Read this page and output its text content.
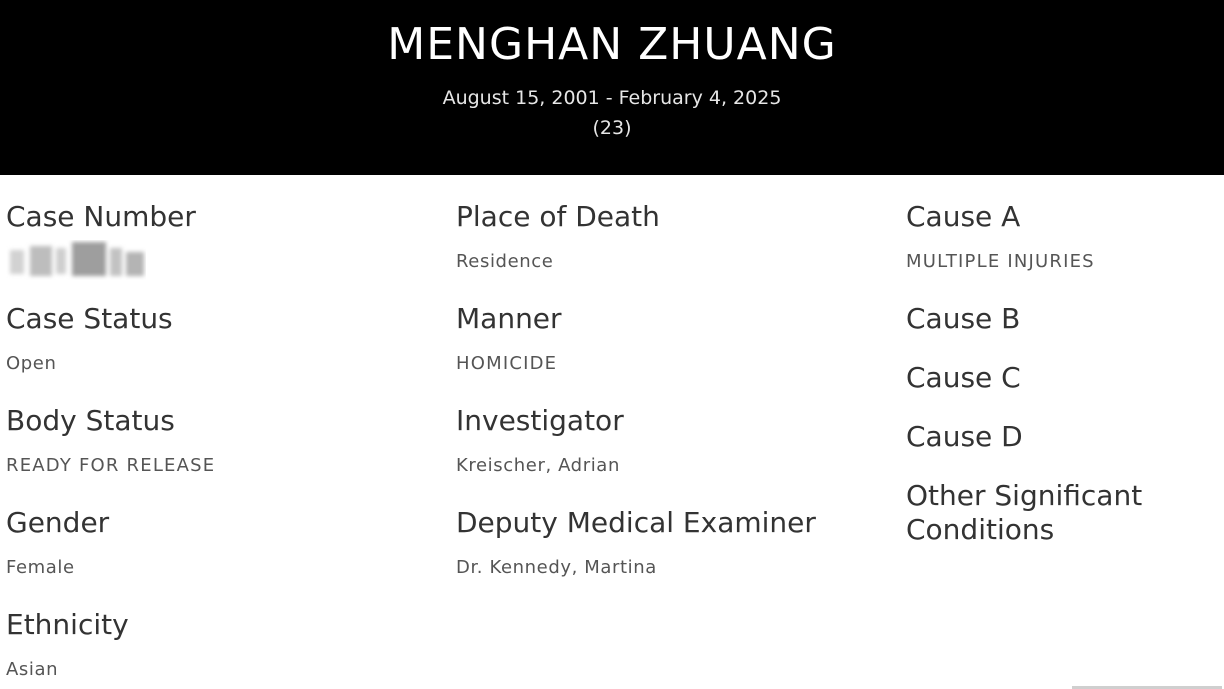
MENGHAN ZHUANG
August 15, 2001 - February 4, 2025
(23)
Case Number
Case Status
Open
Body Status
READY FOR RELEASE
Gender
Female
Ethnicity
Asian
Place of Death
Residence
Manner
HOMICIDE
Investigator
Kreischer, Adrian
Deputy Medical Examiner
Dr. Kennedy, Martina
Cause A
MULTIPLE INJURIES
Cause B
Cause C
Cause D
Other Significant Conditions
